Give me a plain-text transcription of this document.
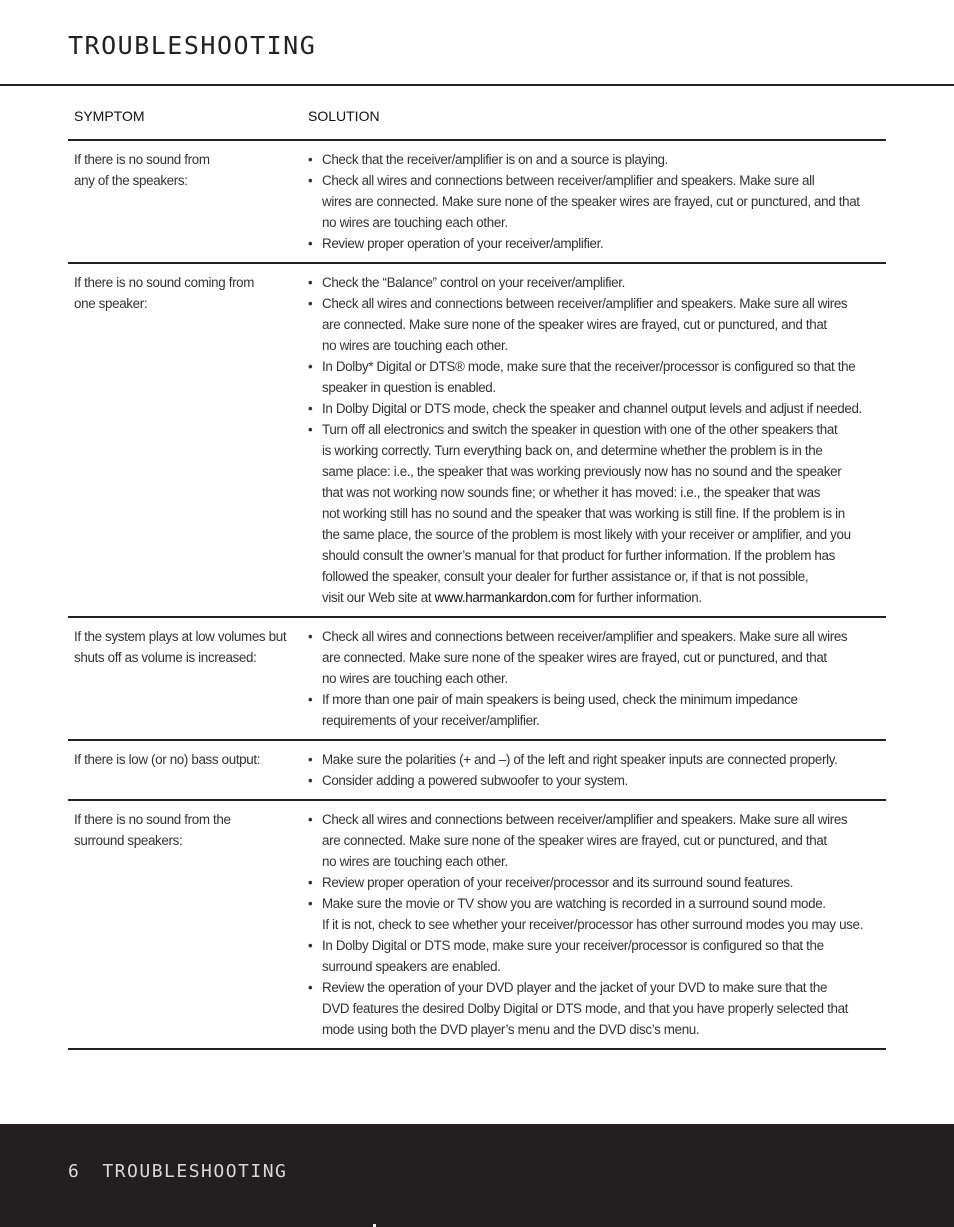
TROUBLESHOOTING
SYMPTOM	SOLUTION
If there is no sound from
any of the speakers:
• Check that the receiver/amplifier is on and a source is playing.
• Check all wires and connections between receiver/amplifier and speakers. Make sure all
wires are connected. Make sure none of the speaker wires are frayed, cut or punctured, and that
no wires are touching each other.
• Review proper operation of your receiver/amplifier.
If there is no sound coming from
one speaker:
• Check the “Balance” control on your receiver/amplifier.
• Check all wires and connections between receiver/amplifier and speakers. Make sure all wires
are connected. Make sure none of the speaker wires are frayed, cut or punctured, and that
no wires are touching each other.
• In Dolby* Digital or DTS® mode, make sure that the receiver/processor is configured so that the
speaker in question is enabled.
• In Dolby Digital or DTS mode, check the speaker and channel output levels and adjust if needed.
• Turn off all electronics and switch the speaker in question with one of the other speakers that
is working correctly. Turn everything back on, and determine whether the problem is in the
same place: i.e., the speaker that was working previously now has no sound and the speaker
that was not working now sounds fine; or whether it has moved: i.e., the speaker that was
not working still has no sound and the speaker that was working is still fine. If the problem is in
the same place, the source of the problem is most likely with your receiver or amplifier, and you
should consult the owner’s manual for that product for further information. If the problem has
followed the speaker, consult your dealer for further assistance or, if that is not possible,
visit our Web site at www.harmankardon.com for further information.
If the system plays at low volumes but
shuts off as volume is increased:
• Check all wires and connections between receiver/amplifier and speakers. Make sure all wires
are connected. Make sure none of the speaker wires are frayed, cut or punctured, and that
no wires are touching each other.
• If more than one pair of main speakers is being used, check the minimum impedance
requirements of your receiver/amplifier.
If there is low (or no) bass output:	• Make sure the polarities (+ and –) of the left and right speaker inputs are connected properly.
• Consider adding a powered subwoofer to your system.
If there is no sound from the
surround speakers:
• Check all wires and connections between receiver/amplifier and speakers. Make sure all wires
are connected. Make sure none of the speaker wires are frayed, cut or punctured, and that
no wires are touching each other.
• Review proper operation of your receiver/processor and its surround sound features.
• Make sure the movie or TV show you are watching is recorded in a surround sound mode.
If it is not, check to see whether your receiver/processor has other surround modes you may use.
• In Dolby Digital or DTS mode, make sure your receiver/processor is configured so that the
surround speakers are enabled.
• Review the operation of your DVD player and the jacket of your DVD to make sure that the
DVD features the desired Dolby Digital or DTS mode, and that you have properly selected that
mode using both the DVD player’s menu and the DVD disc’s menu.
6 TROUBLESHOOTING
